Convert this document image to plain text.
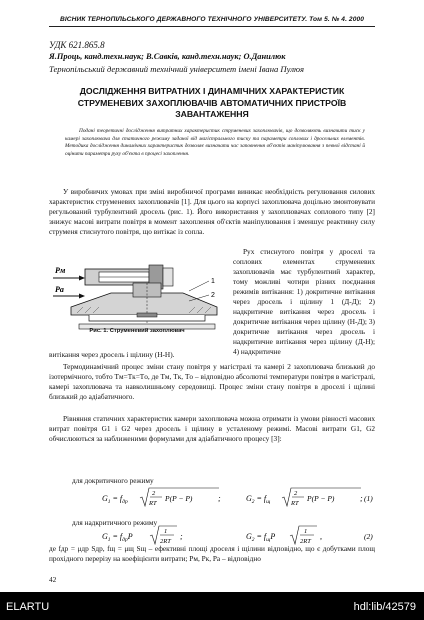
ВІСНИК ТЕРНОПІЛЬСЬКОГО ДЕРЖАВНОГО ТЕХНІЧНОГО УНІВЕРСИТЕТУ. Том 5. № 4. 2000
УДК 621.865.8
Я.Проць, канд.техн.наук; В.Савків, канд.техн.наук; О.Данилюк
Тернопільський державний технічний університет імені Івана Пулюя
ДОСЛІДЖЕННЯ ВИТРАТНИХ І ДИНАМІЧНИХ ХАРАКТЕРИСТИК СТРУМЕНЕВИХ ЗАХОПЛЮВАЧІВ АВТОМАТИЧНИХ ПРИСТРОЇВ ЗАВАНТАЖЕННЯ
Подані теоретичні дослідження витратних характеристик струменевих захоплювачів, що дозволяють визначити тиск у камері захоплювача для статичного режиму заданої від магістрального тиску та параметри соплових і дросельних елементів. Методика дослідження динамічних характеристик дозволяє визначати час заповнення об'єктів маніпулювання з певної відстані й оцінити параметри руху об'єкта в процесі захоплення.
У виробничих умовах при зміні виробничої програми виникає необхідність регулювання силових характеристик струменевих захоплювачів [1]. Для цього на корпусі захоплювача доцільно змонтовувати регульований турбулентний дросель (рис. 1). Його використання у захоплювачах соплового типу [2] знижує масові витрати повітря в момент захоплення об'єктів маніпулювання і зменшує реактивну силу струменя стиснутого повітря, що витікає із сопла.
Pм
Pа
1
2
Рис. 1. Струменевий захоплювач
Рух стиснутого повітря у дроселі та соплових елементах струменевих захоплювачів має турбулентний характер, тому можливі чотири різних поєднання режимів витікання: 1) докритичне витікання через дросель і щілину 1 (Д-Д); 2) надкритичне витікання через дросель і докритичне витікання через щілину (Н-Д); 3) докритичне витікання через дросель і надкритичне витікання через щілину (Д-Н); 4) надкритичне
витікання через дросель і щілину (Н-Н).
Термодинамічний процес зміни стану повітря у магістралі та камері 2 захоплювача близький до ізотермічного, тобто Tм=Tк=Tо, де Tм, Tк, Tо – відповідно абсолютні температури повітря в магістралі, камері захоплювача та навколишньому середовищі. Процес зміни стану повітря в дроселі і щілині близький до адіабатичного.
Рівняння статичних характеристик камери захоплювача можна отримати із умови рівності масових витрат повітря G1 і G2 через дросель і щілину в усталеному режимі. Масові витрати G1, G2 обчислюються за наближеними формулами для адіабатичного процесу [3]:
для докритичного режиму
$G_1 = f_{др}$
2
RT
P(P − P)	;	$G_2 = f_щ$
2
RT
P(P − P)	; (1)
для надкритичного режиму
$G_1 = f_{др}P$
1
2RT
;	$G_2 = f_щP$
1
2RT
,	(2)
де fдр = μдр Sдр, fщ = μщ Sщ – ефективні площі дроселя і щілини відповідно, що є добутками площ прохідного перерізу на коефіцієнти витрати; Pм, Pк, Pа – відповідно
42
ELARTU	hdl:lib/42579
